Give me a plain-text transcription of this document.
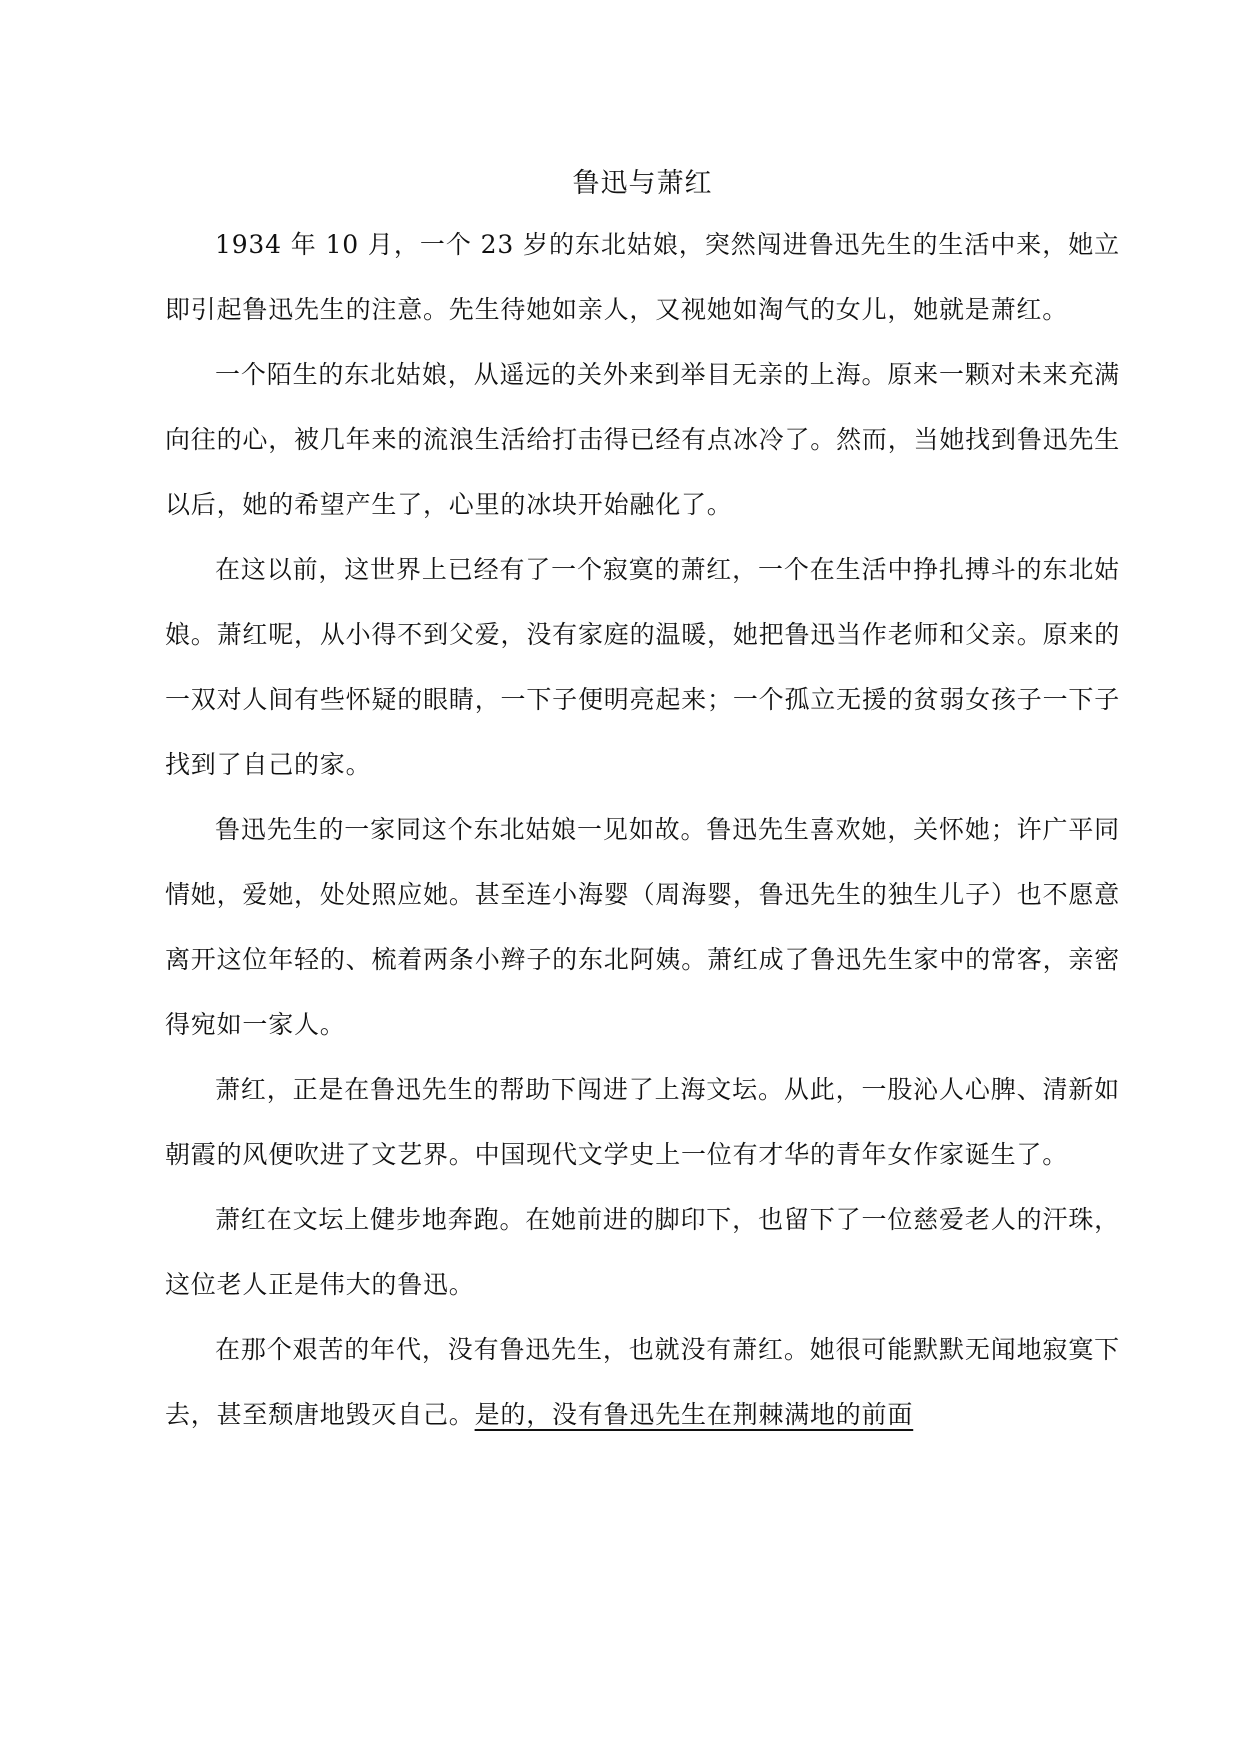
鲁迅与萧红

1934 年 10 月，一个 23 岁的东北姑娘，突然闯进鲁迅先生的生活中来，她立即引起鲁迅先生的注意。先生待她如亲人，又视她如淘气的女儿，她就是萧红。

一个陌生的东北姑娘，从遥远的关外来到举目无亲的上海。原来一颗对未来充满向往的心，被几年来的流浪生活给打击得已经有点冰冷了。然而，当她找到鲁迅先生以后，她的希望产生了，心里的冰块开始融化了。

在这以前，这世界上已经有了一个寂寞的萧红，一个在生活中挣扎搏斗的东北姑娘。萧红呢，从小得不到父爱，没有家庭的温暖，她把鲁迅当作老师和父亲。原来的一双对人间有些怀疑的眼睛，一下子便明亮起来；一个孤立无援的贫弱女孩子一下子找到了自己的家。

鲁迅先生的一家同这个东北姑娘一见如故。鲁迅先生喜欢她，关怀她；许广平同情她，爱她，处处照应她。甚至连小海婴（周海婴，鲁迅先生的独生儿子）也不愿意离开这位年轻的、梳着两条小辫子的东北阿姨。萧红成了鲁迅先生家中的常客，亲密得宛如一家人。

萧红，正是在鲁迅先生的帮助下闯进了上海文坛。从此，一股沁人心脾、清新如朝霞的风便吹进了文艺界。中国现代文学史上一位有才华的青年女作家诞生了。

萧红在文坛上健步地奔跑。在她前进的脚印下，也留下了一位慈爱老人的汗珠，这位老人正是伟大的鲁迅。

在那个艰苦的年代，没有鲁迅先生，也就没有萧红。她很可能默默无闻地寂寞下去，甚至颓唐地毁灭自己。是的，没有鲁迅先生在荆棘满地的前面
